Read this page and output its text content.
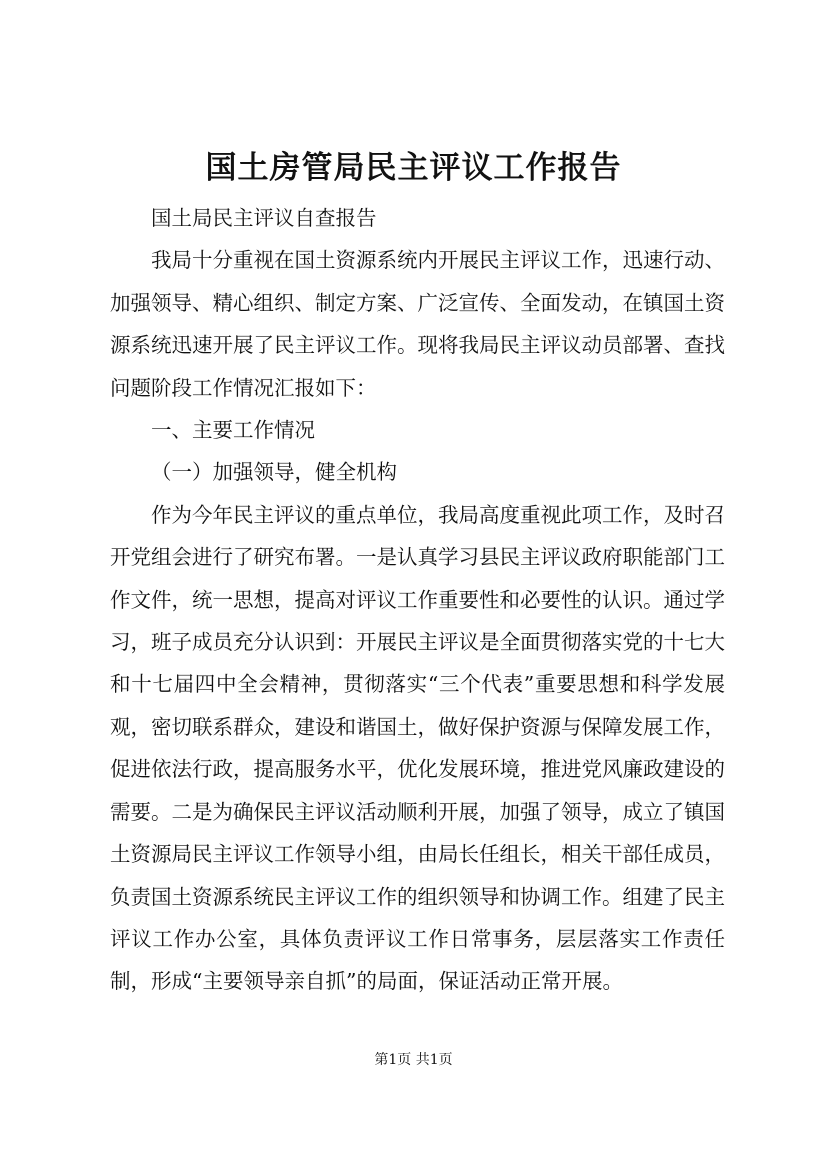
国土房管局民主评议工作报告

国土局民主评议自查报告

我局十分重视在国土资源系统内开展民主评议工作，迅速行动、加强领导、精心组织、制定方案、广泛宣传、全面发动，在镇国土资源系统迅速开展了民主评议工作。现将我局民主评议动员部署、查找问题阶段工作情况汇报如下：

一、主要工作情况

（一）加强领导，健全机构

作为今年民主评议的重点单位，我局高度重视此项工作，及时召开党组会进行了研究布署。一是认真学习县民主评议政府职能部门工作文件，统一思想，提高对评议工作重要性和必要性的认识。通过学习，班子成员充分认识到：开展民主评议是全面贯彻落实党的十七大和十七届四中全会精神，贯彻落实“三个代表”重要思想和科学发展观，密切联系群众，建设和谐国土，做好保护资源与保障发展工作，促进依法行政，提高服务水平，优化发展环境，推进党风廉政建设的需要。二是为确保民主评议活动顺利开展，加强了领导，成立了镇国土资源局民主评议工作领导小组，由局长任组长，相关干部任成员，负责国土资源系统民主评议工作的组织领导和协调工作。组建了民主评议工作办公室，具体负责评议工作日常事务，层层落实工作责任制，形成“主要领导亲自抓”的局面，保证活动正常开展。

第1页 共1页
